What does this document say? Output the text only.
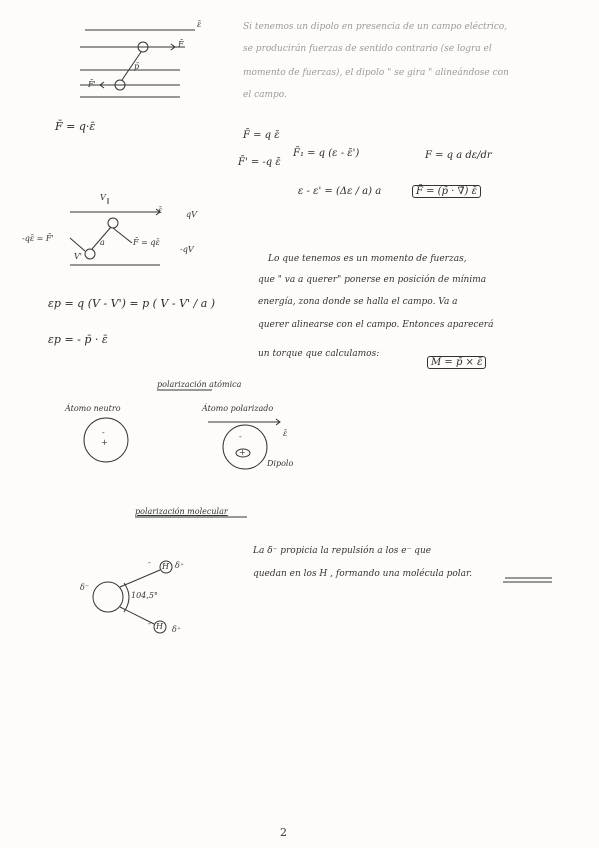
Si tenemos un dipolo en presencia de un campo eléctrico,
se producirán fuerzas de sentido contrario (se logra el
momento de fuerzas), el dipolo " se gira " alineándose con
el campo.
ε̄
F̄
p̄
F̄'
F̄ = q·ε̄
F̄ = q ε̄
F̄' = -q ε̄
F̄₁ = q (ε - ε̄')
ε - ε' = (Δε / a) a
F = q a dε/dr
F̄ = (p̄ · ∇̄) ε̄
V
ε̄	qV
F̄ = qε̄
-qε̄ = F̄'
V'
a
-qV
εp = q (V - V') = p ( V - V' / a )
εp = - p̄ · ε̄
Lo que tenemos es un momento de fuerzas,
que " va a querer" ponerse en posición de mínima
energía, zona donde se halla el campo. Va a
querer alinearse con el campo. Entonces aparecerá
un torque que calculamos:
M = p̄ × ε̄
polarización atómica
Átomo neutro	Átomo polarizado
ε̄
Dipolo
-
+
-
+
polarización molecular
H
H
δ⁺
δ⁺
δ⁻
104,5°
-
-
La δ⁻ propicia la repulsión a los e⁻ que
quedan en los H , formando una molécula polar.
2
